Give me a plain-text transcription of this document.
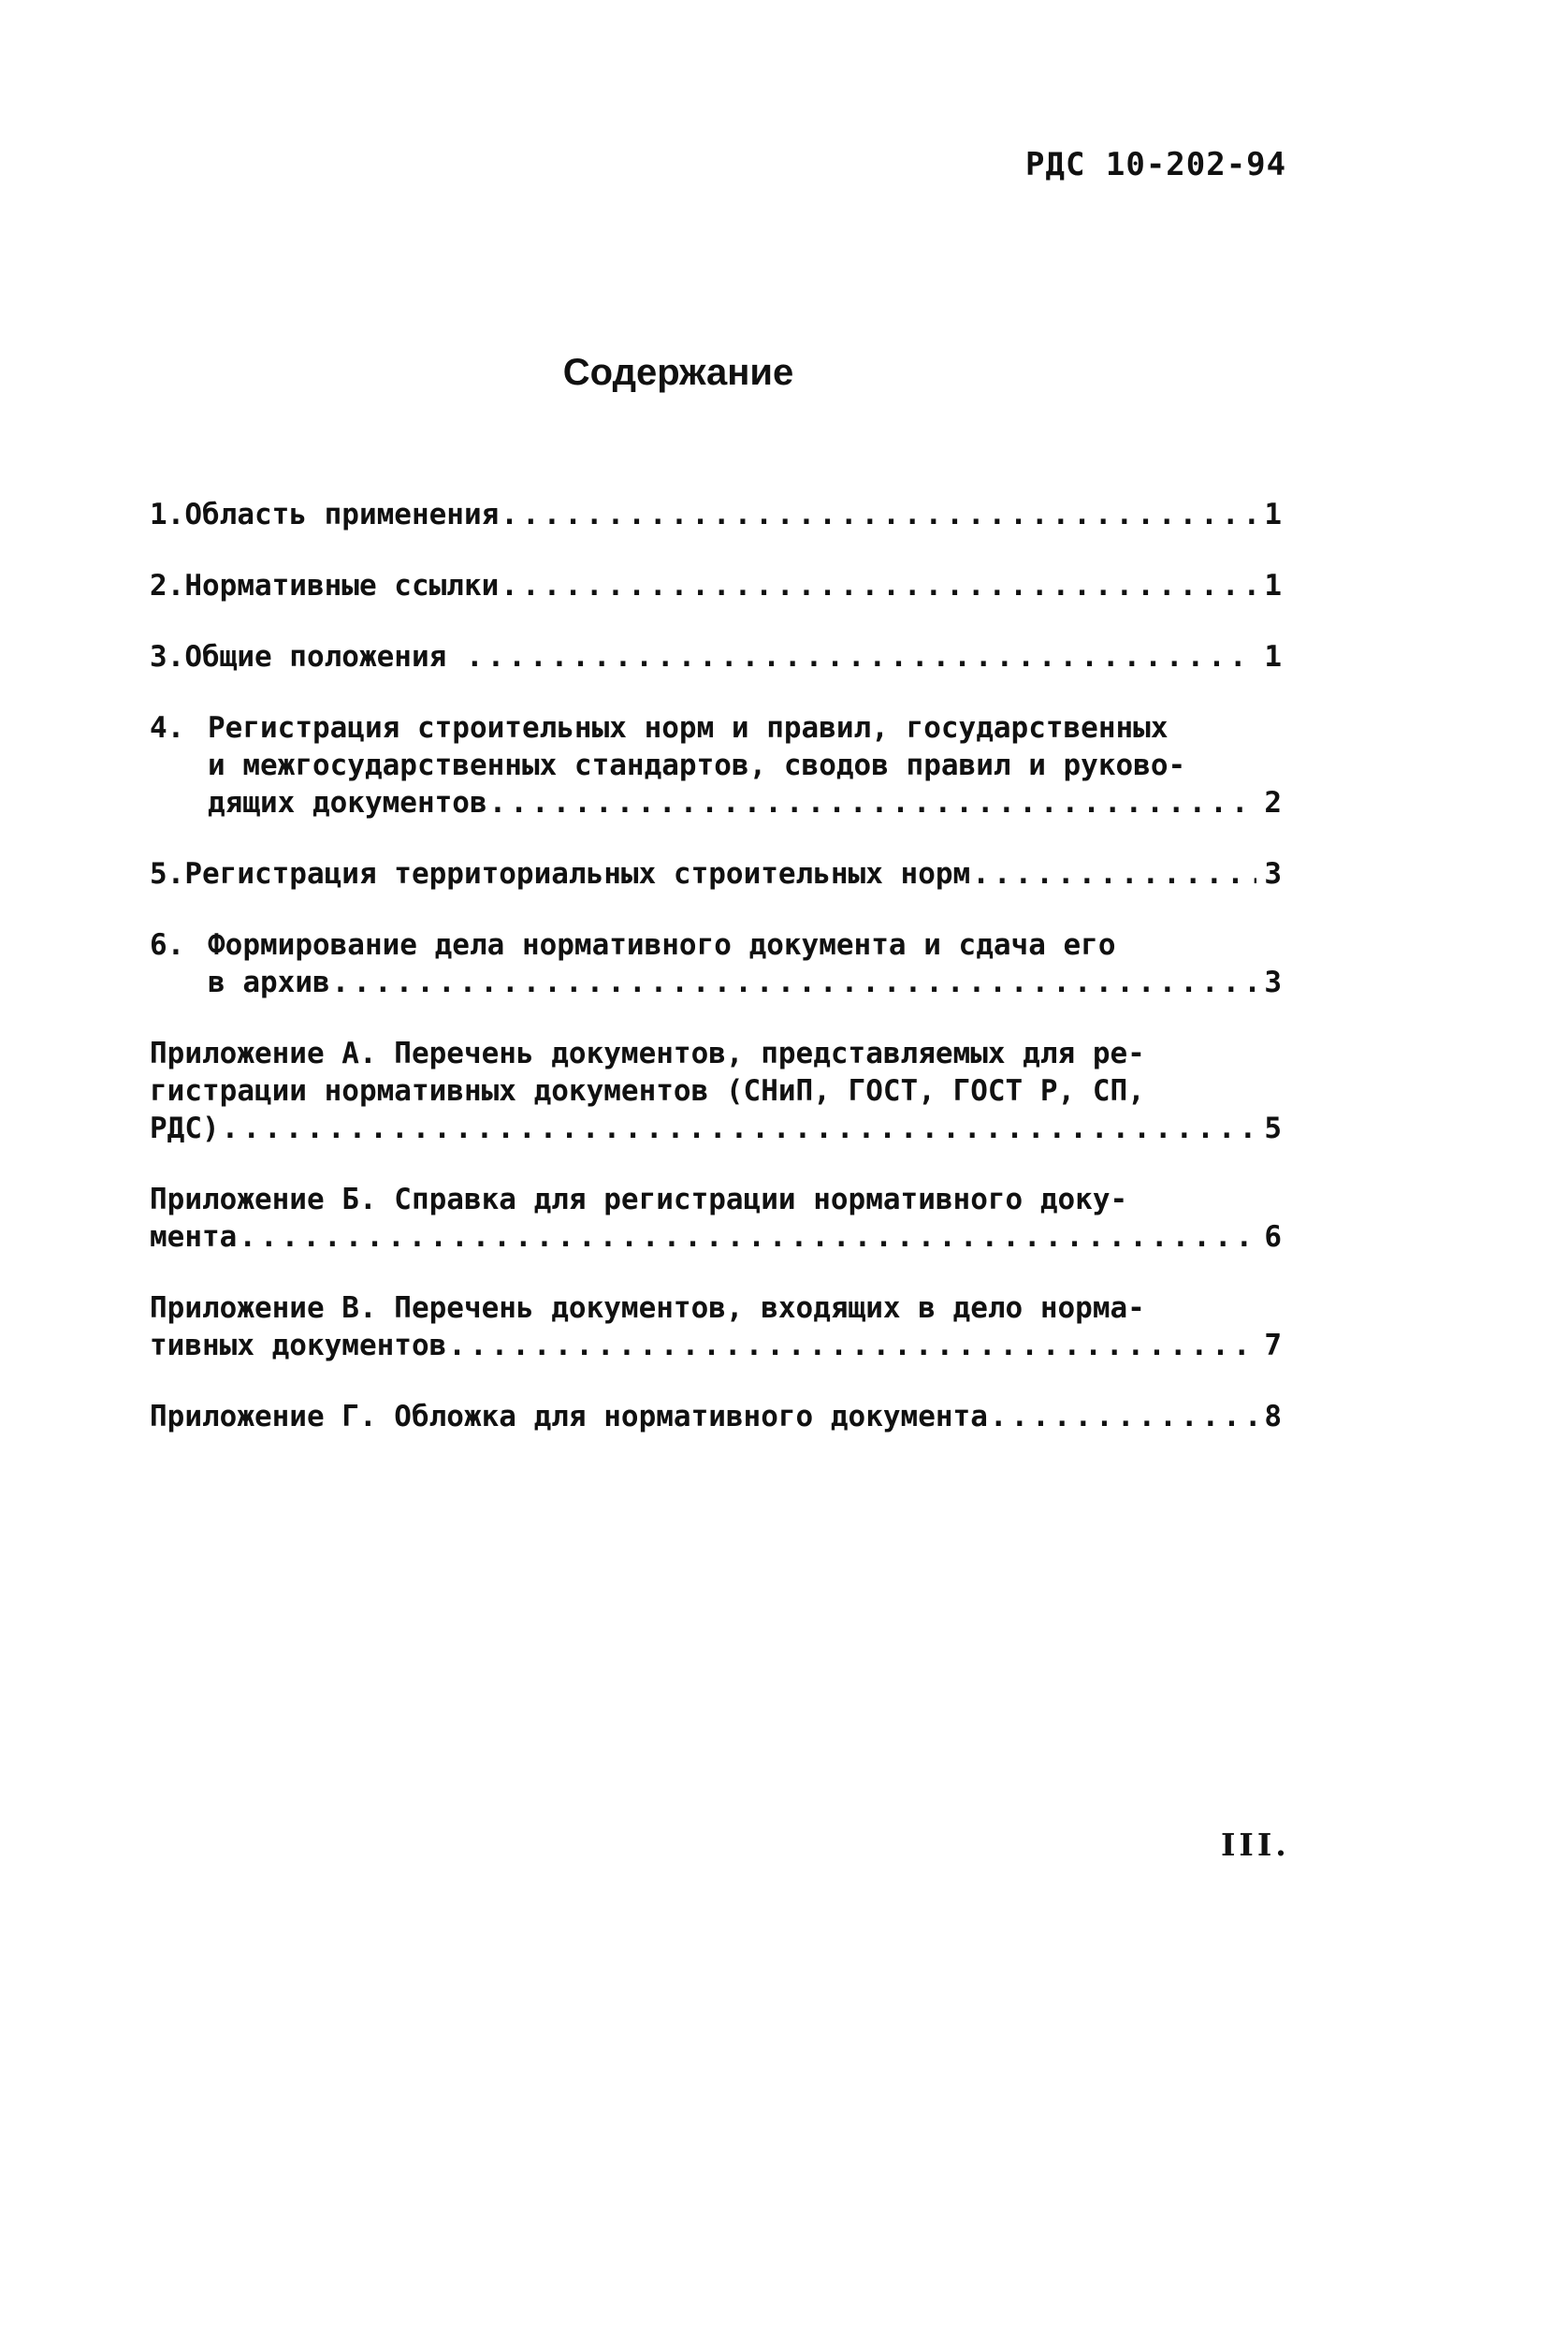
РДС 10-202-94
Содержание
1. Область применения .....	1
2. Нормативные ссылки .....	1
3. Общие положения .....	1
4. Регистрация строительных норм и правил, государственных
и межгосударственных стандартов, сводов правил и руково-
дящих документов .....	2
5. Регистрация территориальных строительных норм .....	3
6. Формирование дела нормативного документа и сдача его
в архив .....	3
Приложение А. Перечень документов, представляемых для ре-
гистрации нормативных документов (СНиП, ГОСТ, ГОСТ Р, СП,
РДС) .....	5
Приложение Б. Справка для регистрации нормативного доку-
мента .....	6
Приложение В. Перечень документов, входящих в дело норма-
тивных документов .....	7
Приложение Г. Обложка для нормативного документа .....	8
III.
